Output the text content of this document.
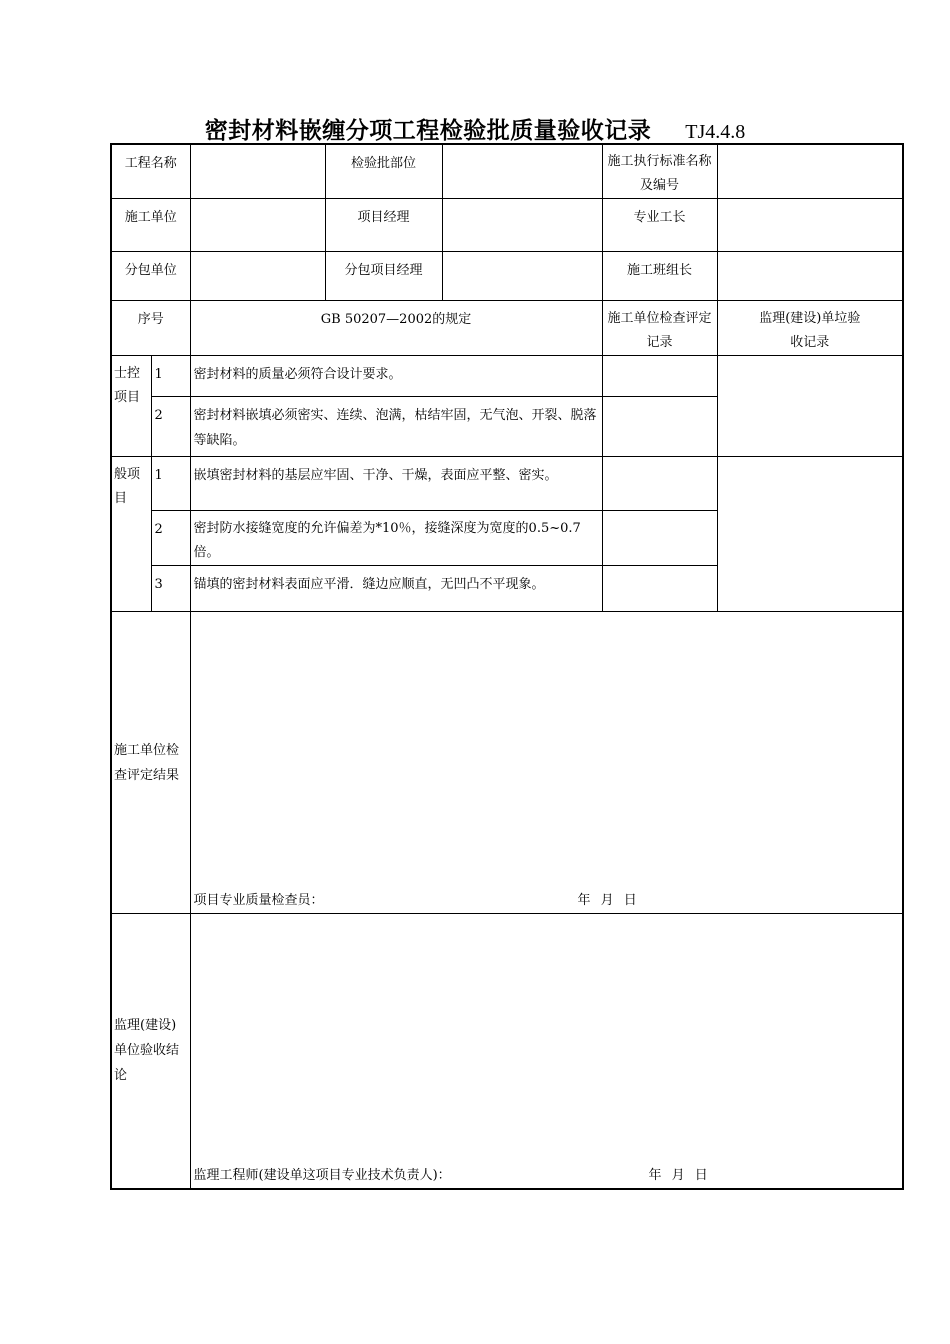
密封材料嵌缠分项工程检验批质量验收记录 TJ4.4.8
工程名称			检验批部位		施工执行标准名称及编号	
施工单位			项目经理		专业工长	
分包单位			分包项目经理		施工班组长	
序号		GB 50207—2002的规定			施工单位检查评定记录	监理(建设)单垃验收记录
士控项目	1	密封材料的质量必须符合设计要求。				
	2	密封材料嵌填必须密实、连续、泡满，枯结牢固，无气泡、开裂、脱落等缺陷。				
般项目	1	嵌填密封材料的基层应牢固、干净、干燥，表面应平整、密实。				
	2	密封防水接缝宽度的允许偏差为*10％，接缝深度为宽度的0.5~0.7倍。				
	3	锚填的密封材料表面应平滑．缝边应顺直，无凹凸不平现象。				
施工单位检查评定结果		项目专业质量检查员： 年 月 日				

监理(建设)单位验收结论		监理工程师(建设单这项目专业技术负责人)： 年 月 日				
